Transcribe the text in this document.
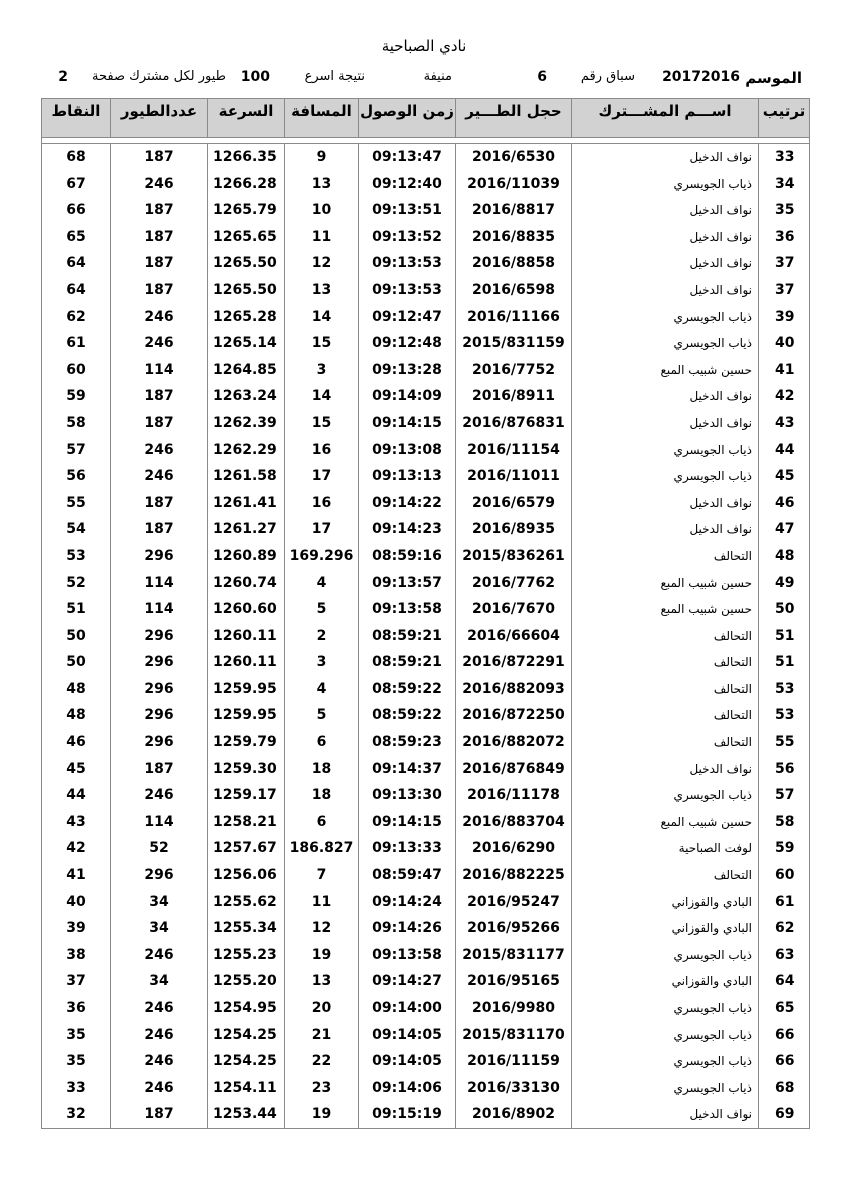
نادي الصباحية
الموسم
20172016
سباق رقم
6
منيفة
نتيجة اسرع
100
طيور لكل مشترك صفحة
2
ترتيب
اســـم المشـــترك
حجل الطـــير
زمن الوصول
المسافة
السرعة
عددالطيور
النقاط
33
نواف الدخيل
2016/6530
09:13:47
9
1266.35
187
68
34
ذياب الجويسري
2016/11039
09:12:40
13
1266.28
246
67
35
نواف الدخيل
2016/8817
09:13:51
10
1265.79
187
66
36
نواف الدخيل
2016/8835
09:13:52
11
1265.65
187
65
37
نواف الدخيل
2016/8858
09:13:53
12
1265.50
187
64
37
نواف الدخيل
2016/6598
09:13:53
13
1265.50
187
64
39
ذياب الجويسري
2016/11166
09:12:47
14
1265.28
246
62
40
ذياب الجويسري
2015/831159
09:12:48
15
1265.14
246
61
41
حسين شبيب المبع
2016/7752
09:13:28
3
1264.85
114
60
42
نواف الدخيل
2016/8911
09:14:09
14
1263.24
187
59
43
نواف الدخيل
2016/876831
09:14:15
15
1262.39
187
58
44
ذياب الجويسري
2016/11154
09:13:08
16
1262.29
246
57
45
ذياب الجويسري
2016/11011
09:13:13
17
1261.58
246
56
46
نواف الدخيل
2016/6579
09:14:22
16
1261.41
187
55
47
نواف الدخيل
2016/8935
09:14:23
17
1261.27
187
54
48
التحالف
2015/836261
08:59:16
169.296
1260.89
296
53
49
حسين شبيب المبع
2016/7762
09:13:57
4
1260.74
114
52
50
حسين شبيب المبع
2016/7670
09:13:58
5
1260.60
114
51
51
التحالف
2016/66604
08:59:21
2
1260.11
296
50
51
التحالف
2016/872291
08:59:21
3
1260.11
296
50
53
التحالف
2016/882093
08:59:22
4
1259.95
296
48
53
التحالف
2016/872250
08:59:22
5
1259.95
296
48
55
التحالف
2016/882072
08:59:23
6
1259.79
296
46
56
نواف الدخيل
2016/876849
09:14:37
18
1259.30
187
45
57
ذياب الجويسري
2016/11178
09:13:30
18
1259.17
246
44
58
حسين شبيب المبع
2016/883704
09:14:15
6
1258.21
114
43
59
لوفت الصباحية
2016/6290
09:13:33
186.827
1257.67
52
42
60
التحالف
2016/882225
08:59:47
7
1256.06
296
41
61
البادي والقوزاني
2016/95247
09:14:24
11
1255.62
34
40
62
البادي والقوزاني
2016/95266
09:14:26
12
1255.34
34
39
63
ذياب الجويسري
2015/831177
09:13:58
19
1255.23
246
38
64
البادي والقوزاني
2016/95165
09:14:27
13
1255.20
34
37
65
ذياب الجويسري
2016/9980
09:14:00
20
1254.95
246
36
66
ذياب الجويسري
2015/831170
09:14:05
21
1254.25
246
35
66
ذياب الجويسري
2016/11159
09:14:05
22
1254.25
246
35
68
ذياب الجويسري
2016/33130
09:14:06
23
1254.11
246
33
69
نواف الدخيل
2016/8902
09:15:19
19
1253.44
187
32
